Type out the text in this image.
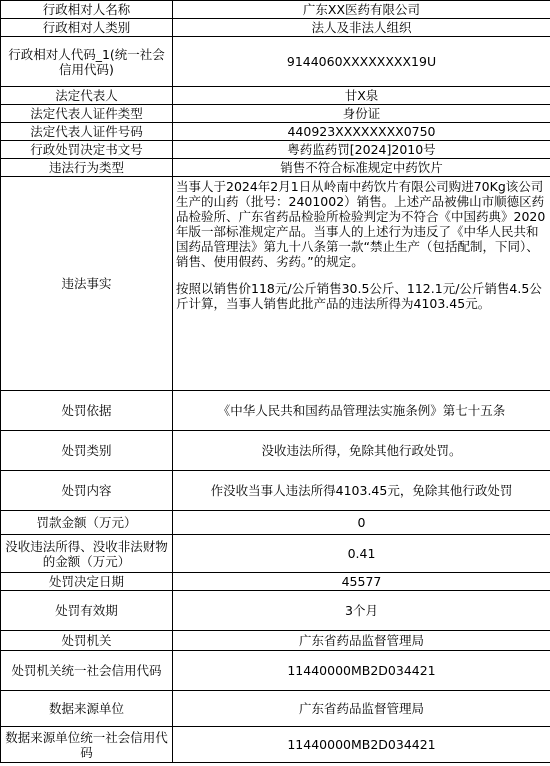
行政相对人名称	广东XX医药有限公司
行政相对人类别	法人及非法人组织
行政相对人代码_1(统一社会信用代码)	9144060XXXXXXXX19U
法定代表人	甘X泉
法定代表人证件类型	身份证
法定代表人证件号码	440923XXXXXXXX0750
行政处罚决定书文号	粤药监药罚[2024]2010号
违法行为类型	销售不符合标准规定中药饮片
违法事实	当事人于2024年2月1日从岭南中药饮片有限公司购进70Kg该公司生产的山药（批号：2401002）销售。上述产品被佛山市顺德区药品检验所、广东省药品检验所检验判定为不符合《中国药典》2020年版一部标准规定产品。当事人的上述行为违反了《中华人民共和国药品管理法》第九十八条第一款“禁止生产（包括配制，下同）、销售、使用假药、劣药。”的规定。

按照以销售价118元/公斤销售30.5公斤、112.1元/公斤销售4.5公斤计算，当事人销售此批产品的违法所得为4103.45元。

处罚依据	《中华人民共和国药品管理法实施条例》第七十五条
处罚类别	没收违法所得，免除其他行政处罚。
处罚内容	作没收当事人违法所得4103.45元，免除其他行政处罚
罚款金额（万元）	0
没收违法所得、没收非法财物的金额（万元）	0.41
处罚决定日期	45577
处罚有效期	3个月
处罚机关	广东省药品监督管理局
处罚机关统一社会信用代码	11440000MB2D034421
数据来源单位	广东省药品监督管理局
数据来源单位统一社会信用代码	11440000MB2D034421
